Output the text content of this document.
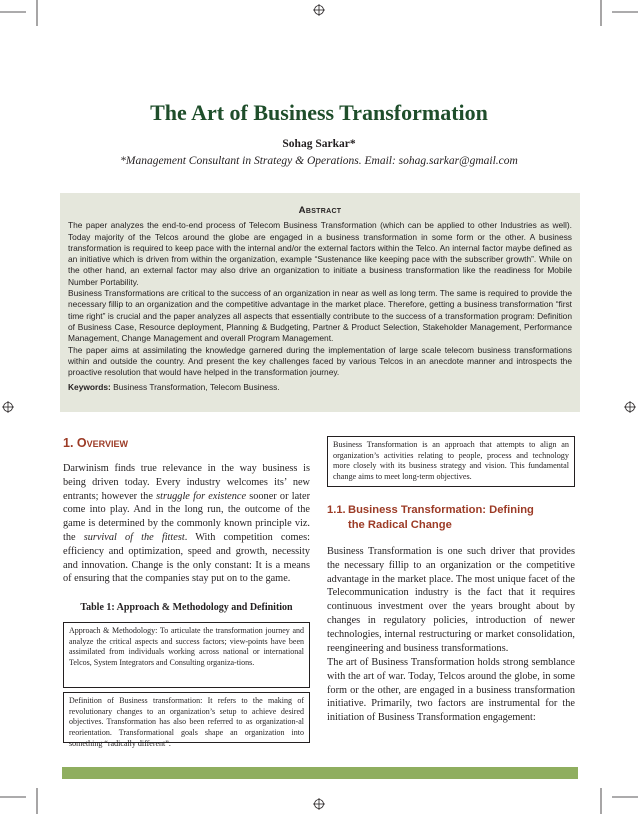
The Art of Business Transformation
Sohag Sarkar*
*Management Consultant in Strategy & Operations. Email: sohag.sarkar@gmail.com
Abstract

The paper analyzes the end-to-end process of Telecom Business Transformation (which can be applied to other Industries as well). Today majority of the Telcos around the globe are engaged in a business transformation in some form or the other. A business transformation is required to keep pace with the internal and/or the external factors within the Telco. An internal factor maybe defined as an initiative which is driven from within the organization, example “Sustenance like keeping pace with the subscriber growth”. While on the other hand, an external factor may also drive an organization to initiate a business transformation like the readiness for Mobile Number Portability.

Business Transformations are critical to the success of an organization in near as well as long term. The same is required to provide the necessary fillip to an organization and the competitive advantage in the market place. Therefore, getting a business transformation “first time right” is crucial and the paper analyzes all aspects that essentially contribute to the success of a transformation program: Definition of Business Case, Resource deployment, Planning & Budgeting, Partner & Product Selection, Stakeholder Management, Performance Management, Change Management and overall Program Management.

The paper aims at assimilating the knowledge garnered during the implementation of large scale telecom business transformations within and outside the country. And present the key challenges faced by various Telcos in an anecdote manner and introspects the proactive resolution that would have helped in the transformation journey.

Keywords: Business Transformation, Telecom Business.

1. Overview
Darwinism finds true relevance in the way business is being driven today. Every industry welcomes its’ new entrants; however the struggle for existence sooner or later come into play. And in the long run, the outcome of the game is determined by the commonly known principle viz. the survival of the fittest. With competition comes: efficiency and optimization, speed and growth, necessity and innovation. Change is the only constant: It is a means of ensuring that the companies stay put on to the game.
Table 1: Approach & Methodology and Definition
Approach & Methodology: To articulate the transformation journey and analyze the critical aspects and success factors; view-points have been assimilated from individuals working across national or international Telcos, System Integrators and Consulting organiza-tions.
Definition of Business transformation: It refers to the making of revolutionary changes to an organization’s setup to achieve desired objectives. Transformation has also been referred to as organization-al reorientation. Transformational goals shape an organization into something “radically different”.
Business Transformation is an approach that attempts to align an organization’s activities relating to people, process and technology more closely with its business strategy and vision. This fundamental change aims to meet long-term objectives.
1.1. Business Transformation: Defining
the Radical Change
Business Transformation is one such driver that provides the necessary fillip to an organization or the competitive advantage in the market place. The most unique facet of the Telecommunication industry is the fact that it requires continuous investment over the years brought about by changes in regulatory policies, introduction of newer technologies, internal restructuring or market consolidation, reengineering and business transformations.
The art of Business Transformation holds strong semblance with the art of war. Today, Telcos around the globe, in some form or the other, are engaged in a business transformation initiative. Primarily, two factors are instrumental for the initiation of Business Transformation engagement:
